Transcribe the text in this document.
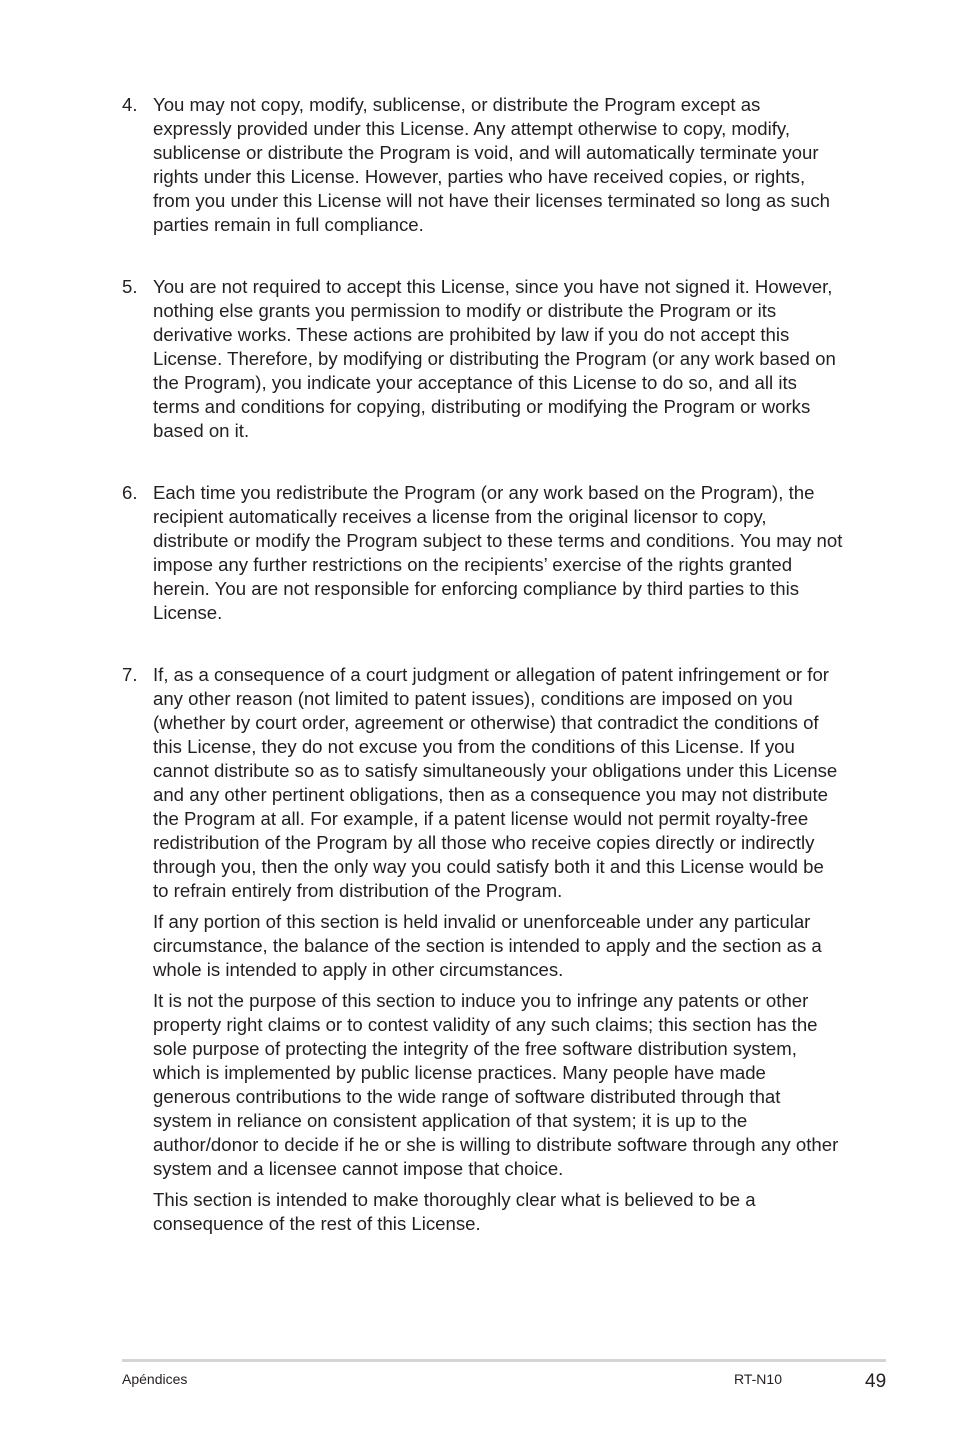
4. You may not copy, modify, sublicense, or distribute the Program except as expressly provided under this License. Any attempt otherwise to copy, modify, sublicense or distribute the Program is void, and will automatically terminate your rights under this License. However, parties who have received copies, or rights, from you under this License will not have their licenses terminated so long as such parties remain in full compliance.

5. You are not required to accept this License, since you have not signed it. However, nothing else grants you permission to modify or distribute the Program or its derivative works. These actions are prohibited by law if you do not accept this License. Therefore, by modifying or distributing the Program (or any work based on the Program), you indicate your acceptance of this License to do so, and all its terms and conditions for copying, distributing or modifying the Program or works based on it.

6. Each time you redistribute the Program (or any work based on the Program), the recipient automatically receives a license from the original licensor to copy, distribute or modify the Program subject to these terms and conditions. You may not impose any further restrictions on the recipients’ exercise of the rights granted herein. You are not responsible for enforcing compliance by third parties to this License.

7. If, as a consequence of a court judgment or allegation of patent infringement or for any other reason (not limited to patent issues), conditions are imposed on you (whether by court order, agreement or otherwise) that contradict the conditions of this License, they do not excuse you from the conditions of this License. If you cannot distribute so as to satisfy simultaneously your obligations under this License and any other pertinent obligations, then as a consequence you may not distribute the Program at all. For example, if a patent license would not permit royalty-free redistribution of the Program by all those who receive copies directly or indirectly through you, then the only way you could satisfy both it and this License would be to refrain entirely from distribution of the Program.

If any portion of this section is held invalid or unenforceable under any particular circumstance, the balance of the section is intended to apply and the section as a whole is intended to apply in other circumstances.

It is not the purpose of this section to induce you to infringe any patents or other property right claims or to contest validity of any such claims; this section has the sole purpose of protecting the integrity of the free software distribution system, which is implemented by public license practices. Many people have made generous contributions to the wide range of software distributed through that system in reliance on consistent application of that system; it is up to the author/donor to decide if he or she is willing to distribute software through any other system and a licensee cannot impose that choice.

This section is intended to make thoroughly clear what is believed to be a consequence of the rest of this License.

Apéndices	RT-N10	49
